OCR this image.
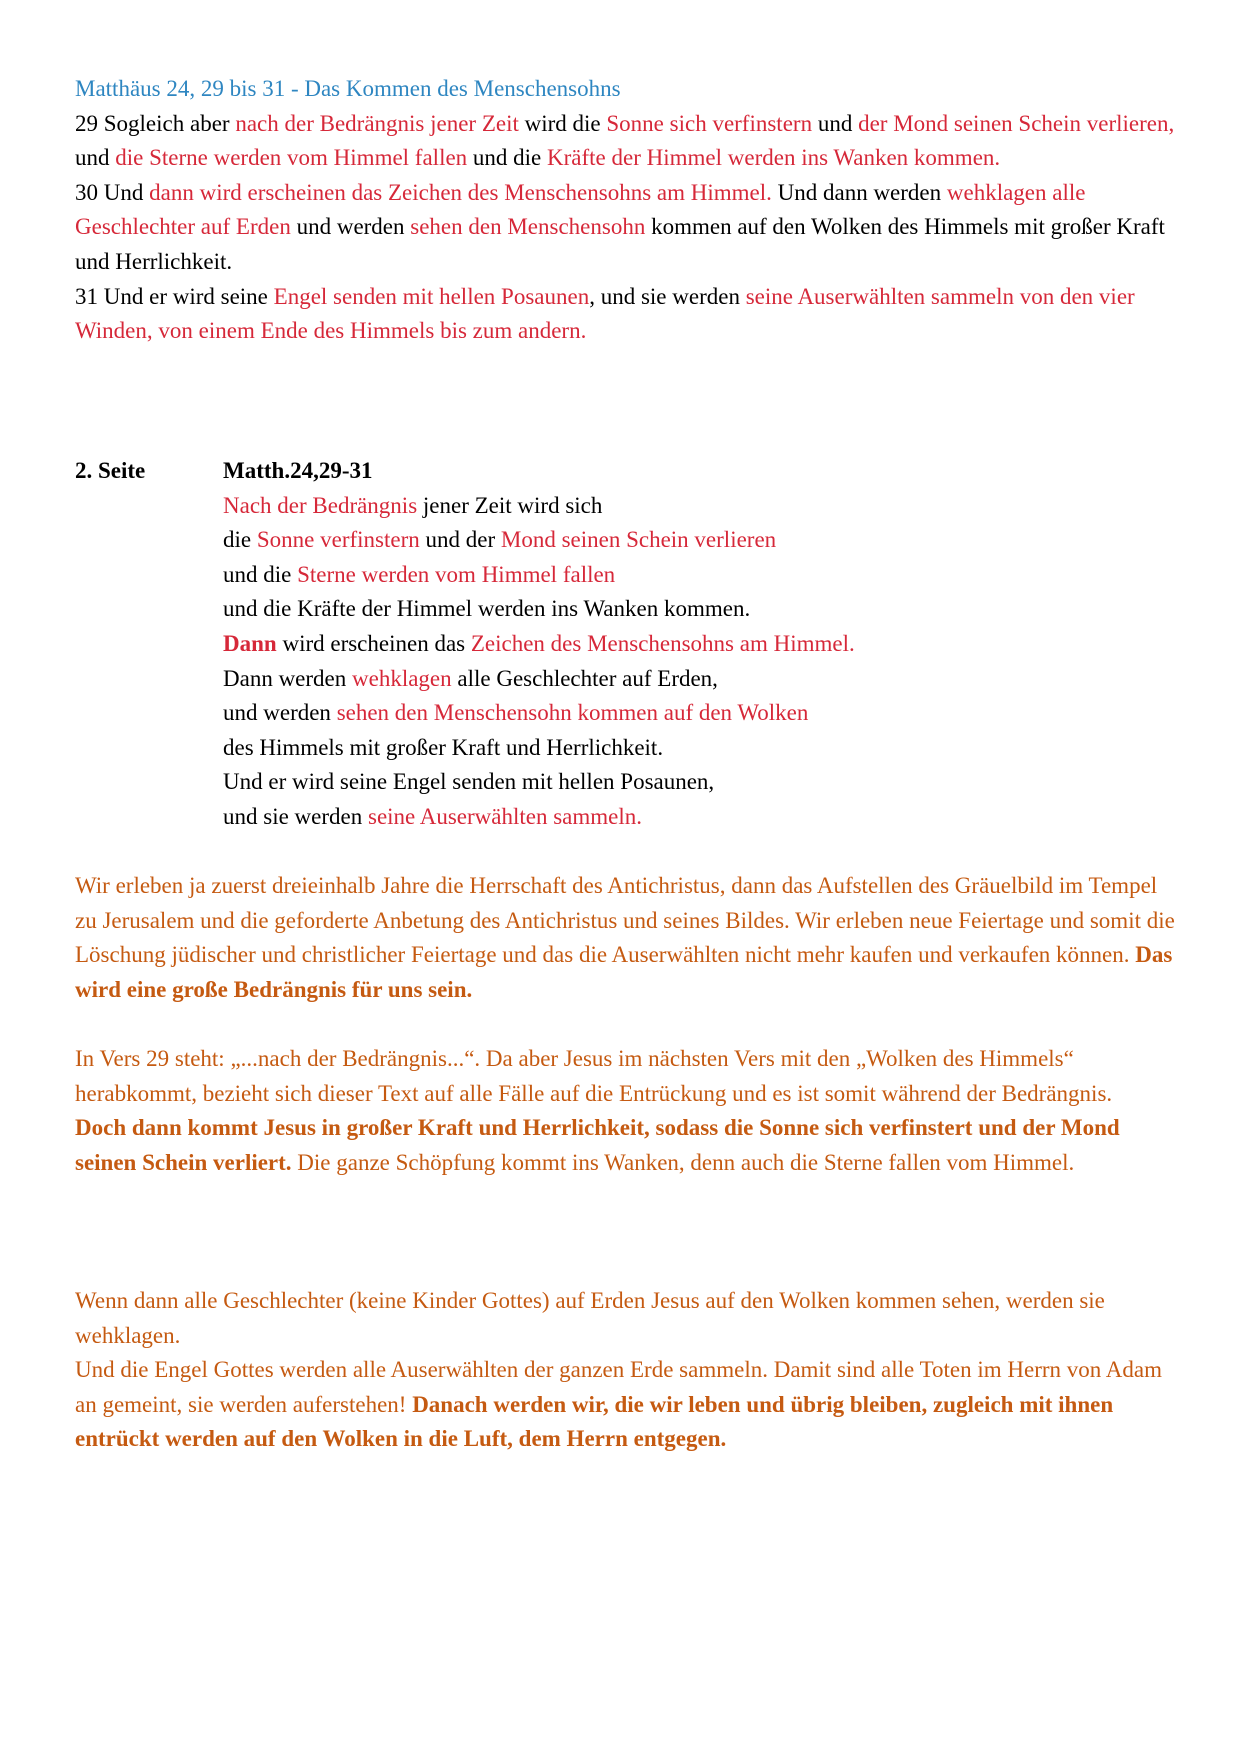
Matthäus 24, 29 bis 31 - Das Kommen des Menschensohns
29 Sogleich aber nach der Bedrängnis jener Zeit wird die Sonne sich verfinstern und der Mond seinen Schein verlieren, und die Sterne werden vom Himmel fallen und die Kräfte der Himmel werden ins Wanken kommen.
30 Und dann wird erscheinen das Zeichen des Menschensohns am Himmel. Und dann werden wehklagen alle Geschlechter auf Erden und werden sehen den Menschensohn kommen auf den Wolken des Himmels mit großer Kraft und Herrlichkeit.
31 Und er wird seine Engel senden mit hellen Posaunen, und sie werden seine Auserwählten sammeln von den vier Winden, von einem Ende des Himmels bis zum andern.
2. Seite	Matth.24,29-31
Nach der Bedrängnis jener Zeit wird sich
die Sonne verfinstern und der Mond seinen Schein verlieren
und die Sterne werden vom Himmel fallen
und die Kräfte der Himmel werden ins Wanken kommen.
Dann wird erscheinen das Zeichen des Menschensohns am Himmel.
Dann werden wehklagen alle Geschlechter auf Erden,
und werden sehen den Menschensohn kommen auf den Wolken
des Himmels mit großer Kraft und Herrlichkeit.
Und er wird seine Engel senden mit hellen Posaunen,
und sie werden seine Auserwählten sammeln.
Wir erleben ja zuerst dreieinhalb Jahre die Herrschaft des Antichristus, dann das Aufstellen des Gräuelbild im Tempel zu Jerusalem und die geforderte Anbetung des Antichristus und seines Bildes. Wir erleben neue Feiertage und somit die Löschung jüdischer und christlicher Feiertage und das die Auserwählten nicht mehr kaufen und verkaufen können. Das wird eine große Bedrängnis für uns sein.
In Vers 29 steht: „...nach der Bedrängnis...“. Da aber Jesus im nächsten Vers mit den „Wolken des Himmels“ herabkommt, bezieht sich dieser Text auf alle Fälle auf die Entrückung und es ist somit während der Bedrängnis.
Doch dann kommt Jesus in großer Kraft und Herrlichkeit, sodass die Sonne sich verfinstert und der Mond seinen Schein verliert. Die ganze Schöpfung kommt ins Wanken, denn auch die Sterne fallen vom Himmel.
Wenn dann alle Geschlechter (keine Kinder Gottes) auf Erden Jesus auf den Wolken kommen sehen, werden sie wehklagen.
Und die Engel Gottes werden alle Auserwählten der ganzen Erde sammeln. Damit sind alle Toten im Herrn von Adam an gemeint, sie werden auferstehen! Danach werden wir, die wir leben und übrig bleiben, zugleich mit ihnen entrückt werden auf den Wolken in die Luft, dem Herrn entgegen.
